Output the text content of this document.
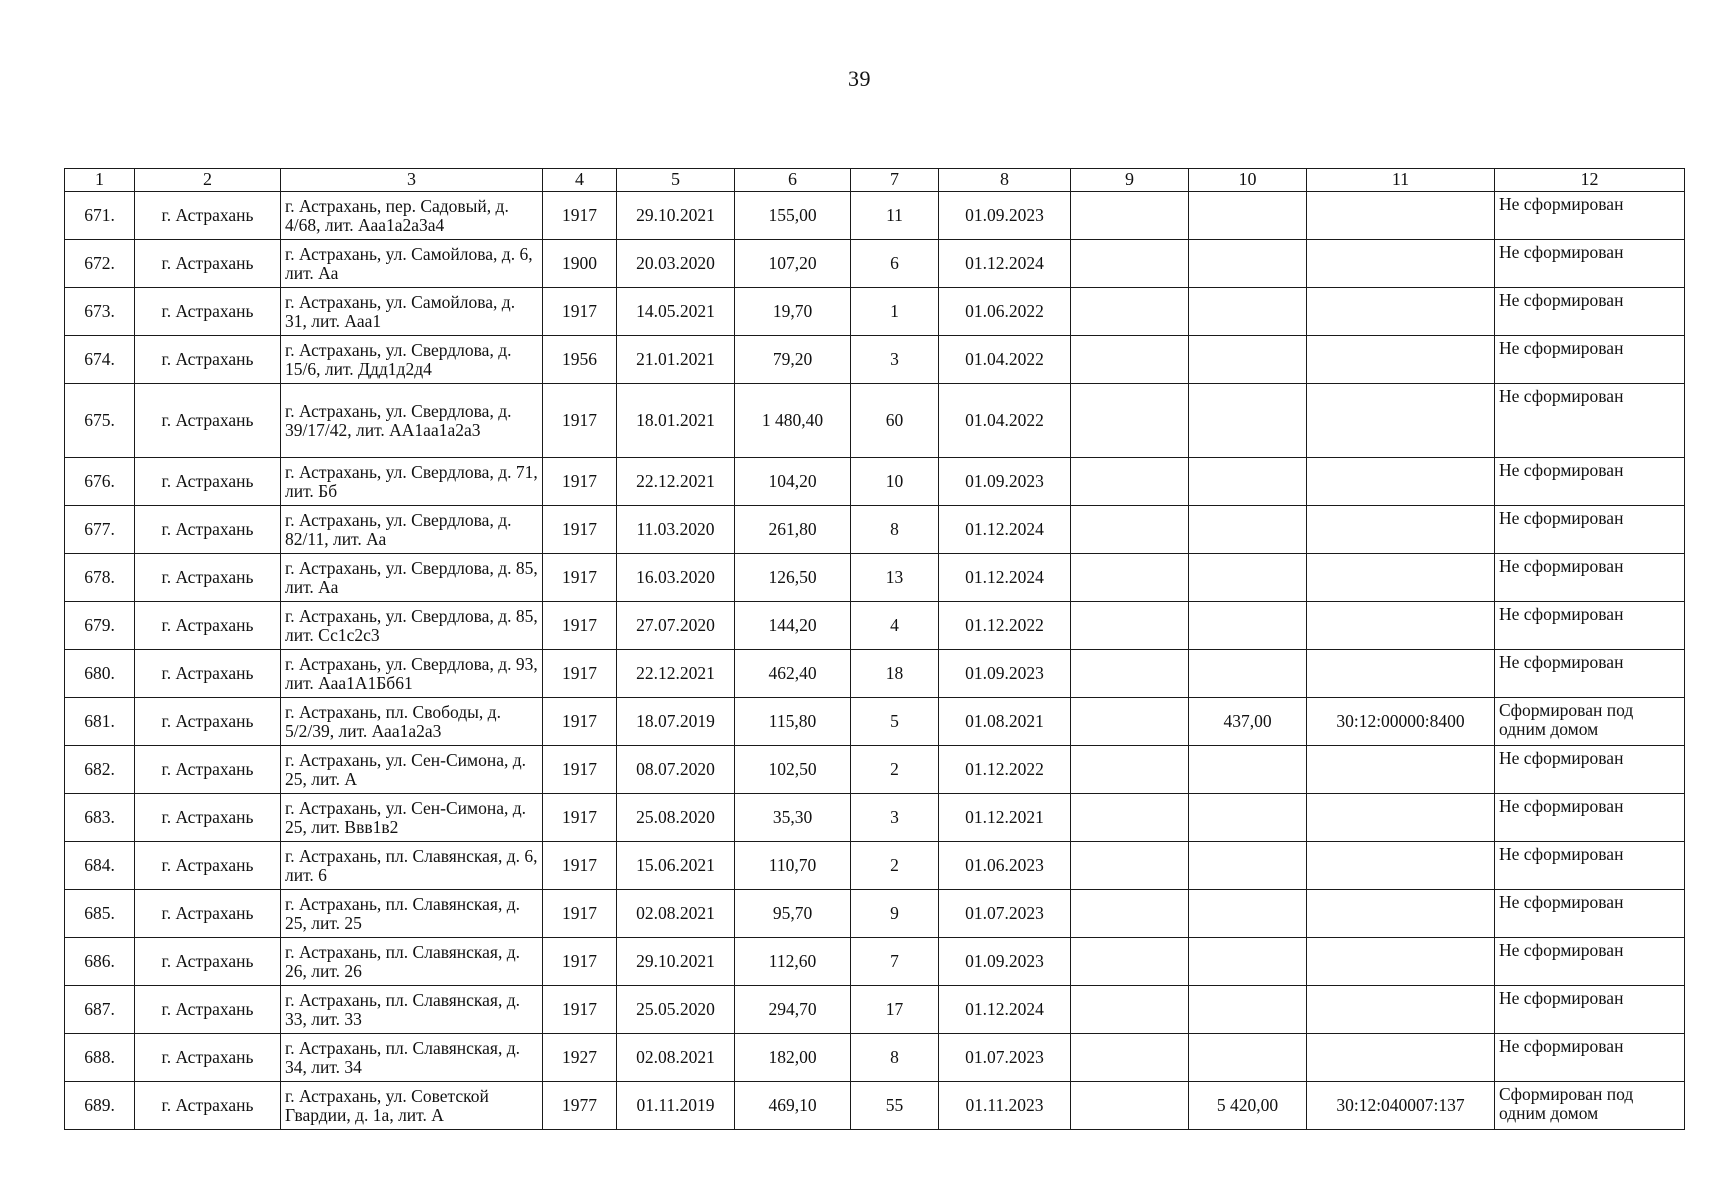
39
1	2	3	4	5	6	7	8	9	10	11	12
671.	г. Астрахань	г. Астрахань, пер. Садовый, д. 4/68, лит. Ааа1а2а3а4	1917	29.10.2021	155,00	11	01.09.2023				Не сформирован
672.	г. Астрахань	г. Астрахань, ул. Самойлова, д. 6, лит. Аа	1900	20.03.2020	107,20	6	01.12.2024				Не сформирован
673.	г. Астрахань	г. Астрахань, ул. Самойлова, д. 31, лит. Ааа1	1917	14.05.2021	19,70	1	01.06.2022				Не сформирован
674.	г. Астрахань	г. Астрахань, ул. Свердлова, д. 15/6, лит. Ддд1д2д4	1956	21.01.2021	79,20	3	01.04.2022				Не сформирован
675.	г. Астрахань	г. Астрахань, ул. Свердлова, д. 39/17/42, лит. АА1аа1а2а3	1917	18.01.2021	1 480,40	60	01.04.2022				Не сформирован
676.	г. Астрахань	г. Астрахань, ул. Свердлова, д. 71, лит. Бб	1917	22.12.2021	104,20	10	01.09.2023				Не сформирован
677.	г. Астрахань	г. Астрахань, ул. Свердлова, д. 82/11, лит. Аа	1917	11.03.2020	261,80	8	01.12.2024				Не сформирован
678.	г. Астрахань	г. Астрахань, ул. Свердлова, д. 85, лит. Аа	1917	16.03.2020	126,50	13	01.12.2024				Не сформирован
679.	г. Астрахань	г. Астрахань, ул. Свердлова, д. 85, лит. Сс1с2с3	1917	27.07.2020	144,20	4	01.12.2022				Не сформирован
680.	г. Астрахань	г. Астрахань, ул. Свердлова, д. 93, лит. Ааа1А1Бб61	1917	22.12.2021	462,40	18	01.09.2023				Не сформирован
681.	г. Астрахань	г. Астрахань, пл. Свободы, д. 5/2/39, лит. Ааа1а2а3	1917	18.07.2019	115,80	5	01.08.2021		437,00	30:12:00000:8400	Сформирован под одним домом
682.	г. Астрахань	г. Астрахань, ул. Сен-Симона, д. 25, лит. А	1917	08.07.2020	102,50	2	01.12.2022				Не сформирован
683.	г. Астрахань	г. Астрахань, ул. Сен-Симона, д. 25, лит. Ввв1в2	1917	25.08.2020	35,30	3	01.12.2021				Не сформирован
684.	г. Астрахань	г. Астрахань, пл. Славянская, д. 6, лит. 6	1917	15.06.2021	110,70	2	01.06.2023				Не сформирован
685.	г. Астрахань	г. Астрахань, пл. Славянская, д. 25, лит. 25	1917	02.08.2021	95,70	9	01.07.2023				Не сформирован
686.	г. Астрахань	г. Астрахань, пл. Славянская, д. 26, лит. 26	1917	29.10.2021	112,60	7	01.09.2023				Не сформирован
687.	г. Астрахань	г. Астрахань, пл. Славянская, д. 33, лит. 33	1917	25.05.2020	294,70	17	01.12.2024				Не сформирован
688.	г. Астрахань	г. Астрахань, пл. Славянская, д. 34, лит. 34	1927	02.08.2021	182,00	8	01.07.2023				Не сформирован
689.	г. Астрахань	г. Астрахань, ул. Советской Гвардии, д. 1а, лит. А	1977	01.11.2019	469,10	55	01.11.2023		5 420,00	30:12:040007:137	Сформирован под одним домом
